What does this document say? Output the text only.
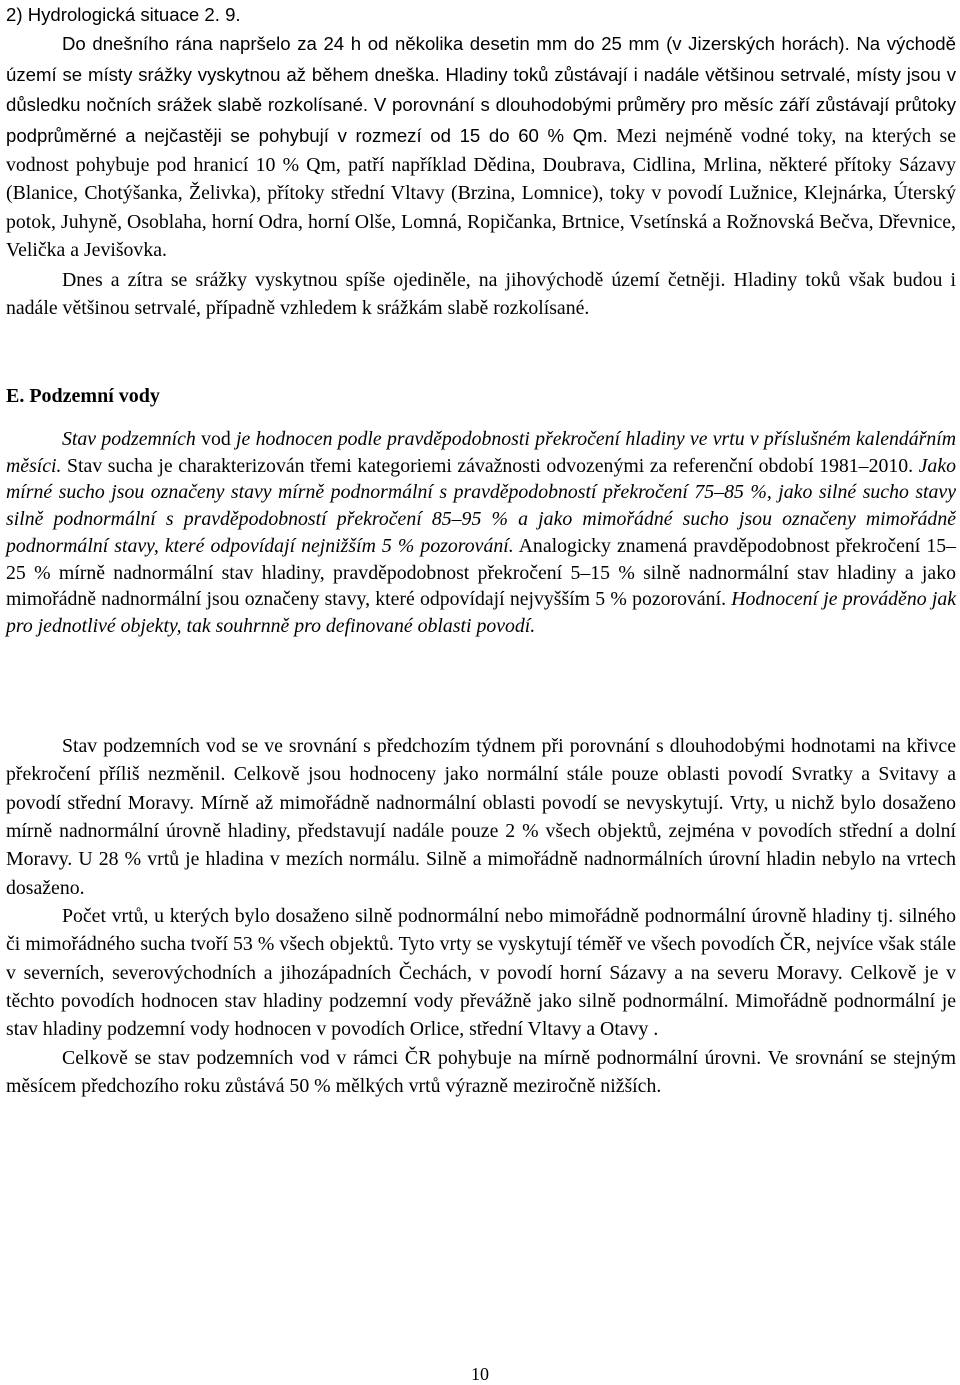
2) Hydrologická situace 2. 9.

Do dnešního rána napršelo za 24 h od několika desetin mm do 25 mm (v Jizerských horách). Na východě území se místy srážky vyskytnou až během dneška. Hladiny toků zůstávají i nadále většinou setrvalé, místy jsou v důsledku nočních srážek slabě rozkolísané. V porovnání s dlouhodobými průměry pro měsíc září zůstávají průtoky podprůměrné a nejčastěji se pohybují v rozmezí od 15 do 60 % Qm. Mezi nejméně vodné toky, na kterých se vodnost pohybuje pod hranicí 10 % Qm, patří například Dědina, Doubrava, Cidlina, Mrlina, některé přítoky Sázavy (Blanice, Chotýšanka, Želivka), přítoky střední Vltavy (Brzina, Lomnice), toky v povodí Lužnice, Klejnárka, Úterský potok, Juhyně, Osoblaha, horní Odra, horní Olše, Lomná, Ropičanka, Brtnice, Vsetínská a Rožnovská Bečva, Dřevnice, Velička a Jevišovka.

Dnes a zítra se srážky vyskytnou spíše ojediněle, na jihovýchodě území četněji. Hladiny toků však budou i nadále většinou setrvalé, případně vzhledem k srážkám slabě rozkolísané.

E. Podzemní vody

Stav podzemních vod je hodnocen podle pravděpodobnosti překročení hladiny ve vrtu v příslušném kalendářním měsíci. Stav sucha je charakterizován třemi kategoriemi závažnosti odvozenými za referenční období 1981–2010. Jako mírné sucho jsou označeny stavy mírně podnormální s pravděpodobností překročení 75–85 %, jako silné sucho stavy silně podnormální s pravděpodobností překročení 85–95 % a jako mimořádné sucho jsou označeny mimořádně podnormální stavy, které odpovídají nejnižším 5 % pozorování. Analogicky znamená pravděpodobnost překročení 15–25 % mírně nadnormální stav hladiny, pravděpodobnost překročení 5–15 % silně nadnormální stav hladiny a jako mimořádně nadnormální jsou označeny stavy, které odpovídají nejvyšším 5 % pozorování. Hodnocení je prováděno jak pro jednotlivé objekty, tak souhrnně pro definované oblasti povodí.

Stav podzemních vod se ve srovnání s předchozím týdnem při porovnání s dlouhodobými hodnotami na křivce překročení příliš nezměnil. Celkově jsou hodnoceny jako normální stále pouze oblasti povodí Svratky a Svitavy a povodí střední Moravy. Mírně až mimořádně nadnormální oblasti povodí se nevyskytují. Vrty, u nichž bylo dosaženo mírně nadnormální úrovně hladiny, představují nadále pouze 2 % všech objektů, zejména v povodích střední a dolní Moravy. U 28 % vrtů je hladina v mezích normálu. Silně a mimořádně nadnormálních úrovní hladin nebylo na vrtech dosaženo.

Počet vrtů, u kterých bylo dosaženo silně podnormální nebo mimořádně podnormální úrovně hladiny tj. silného či mimořádného sucha tvoří 53 % všech objektů. Tyto vrty se vyskytují téměř ve všech povodích ČR, nejvíce však stále v severních, severovýchodních a jihozápadních Čechách, v povodí horní Sázavy a na severu Moravy. Celkově je v těchto povodích hodnocen stav hladiny podzemní vody převážně jako silně podnormální. Mimořádně podnormální je stav hladiny podzemní vody hodnocen v povodích Orlice, střední Vltavy a Otavy .

Celkově se stav podzemních vod v rámci ČR pohybuje na mírně podnormální úrovni. Ve srovnání se stejným měsícem předchozího roku zůstává 50 % mělkých vrtů výrazně meziročně nižších.

10
